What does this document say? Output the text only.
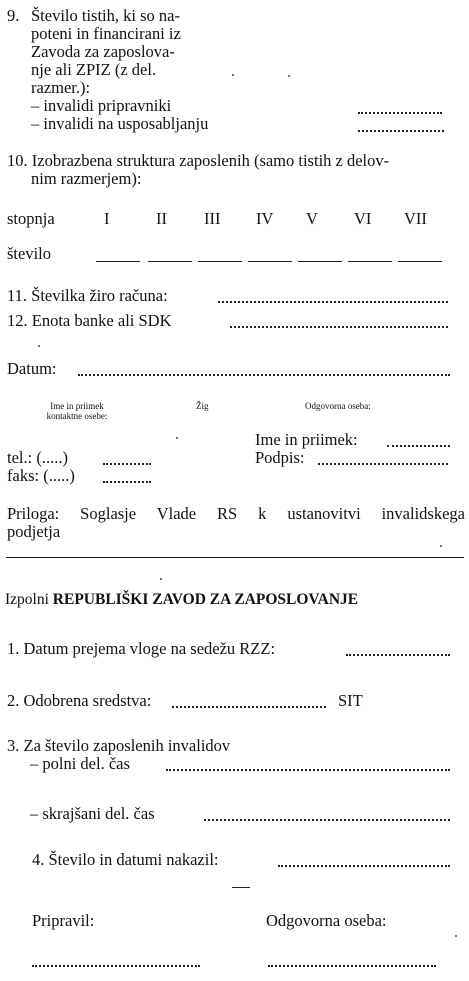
9. Število tistih, ki so na-
poteni in financirani iz
Zavoda za zaposlova-
nje ali ZPIZ (z del.
razmer.):
– invalidi pripravniki
– invalidi na usposabljanju
10. Izobrazbena struktura zaposlenih (samo tistih z delov-
nim razmerjem):
stopnja	I	II III IV V VI VII
število
11. Številka žiro računa:
12. Enota banke ali SDK
Datum:
Ime in priimek
kontaktne osebe:
Žig	Odgovorna oseba:
Ime in priimek:
tel.: (.....)	Podpis:
faks: (.....)
Priloga: Soglasje Vlade RS k ustanovitvi invalidskega
podjetja
Izpolni REPUBLIŠKI ZAVOD ZA ZAPOSLOVANJE
1. Datum prejema vloge na sedežu RZZ:
2. Odobrena sredstva:	SIT
3. Za število zaposlenih invalidov
– polni del. čas
– skrajšani del. čas
4. Število in datumi nakazil:
Pripravil:	Odgovorna oseba:
